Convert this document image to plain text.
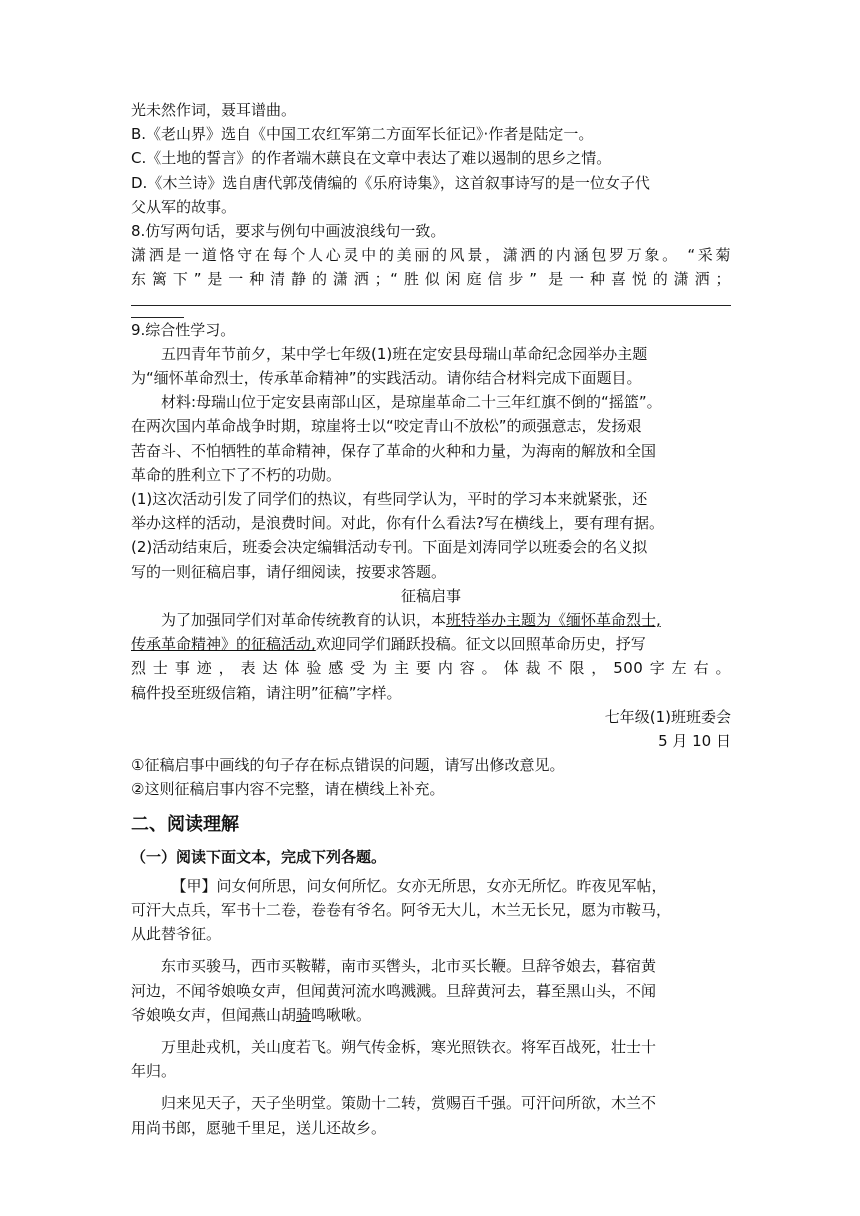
光未然作词，聂耳谱曲。

B.《老山界》选自《中国工农红军第二方面军长征记》·作者是陆定一。

C.《土地的誓言》的作者端木蕻良在文章中表达了难以遏制的思乡之情。

D.《木兰诗》选自唐代郭茂倩编的《乐府诗集》，这首叙事诗写的是一位女子代

父从军的故事。

8.仿写两句话，要求与例句中画波浪线句一致。

潇洒是一道恪守在每个人心灵中的美丽的风景，潇洒的内涵包罗万象。 “采菊

东篱下”是一种清静的潇洒；“胜似闲庭信步” 是一种喜悦的潇洒；

9.综合性学习。

五四青年节前夕，某中学七年级(1)班在定安县母瑞山革命纪念园举办主题

为“缅怀革命烈士，传承革命精神”的实践活动。请你结合材料完成下面题目。

材料:母瑞山位于定安县南部山区，是琼崖革命二十三年红旗不倒的“摇篮”。

在两次国内革命战争时期，琼崖将士以“咬定青山不放松”的顽强意志，发扬艰

苦奋斗、不怕牺牲的革命精神，保存了革命的火种和力量，为海南的解放和全国

革命的胜利立下了不朽的功勋。

(1)这次活动引发了同学们的热议，有些同学认为，平时的学习本来就紧张，还

举办这样的活动，是浪费时间。对此，你有什么看法?写在横线上，要有理有据。

(2)活动结束后，班委会决定编辑活动专刊。下面是刘涛同学以班委会的名义拟

写的一则征稿启事，请仔细阅读，按要求答题。

征稿启事

为了加强同学们对革命传统教育的认识，本班特举办主题为《缅怀革命烈士,

传承革命精神》的征稿活动,欢迎同学们踊跃投稿。征文以回照革命历史，抒写

烈士事迹，表达体验感受为主要内容。体裁不限，500字左右。

稿件投至班级信箱，请注明”征稿”字样。

七年级(1)班班委会

5 月 10 日

①征稿启事中画线的句子存在标点错误的问题，请写出修改意见。

②这则征稿启事内容不完整，请在横线上补充。

二、阅读理解
（一）阅读下面文本，完成下列各题。

【甲】问女何所思，问女何所忆。女亦无所思，女亦无所忆。昨夜见军帖，

可汗大点兵，军书十二卷，卷卷有爷名。阿爷无大儿，木兰无长兄，愿为市鞍马，

从此替爷征。

东市买骏马，西市买鞍鞯，南市买辔头，北市买长鞭。旦辞爷娘去，暮宿黄

河边，不闻爷娘唤女声，但闻黄河流水鸣溅溅。旦辞黄河去，暮至黑山头，不闻

爷娘唤女声，但闻燕山胡骑鸣啾啾。

万里赴戎机，关山度若飞。朔气传金柝，寒光照铁衣。将军百战死，壮士十

年归。

归来见天子，天子坐明堂。策勋十二转，赏赐百千强。可汗问所欲，木兰不

用尚书郎，愿驰千里足，送儿还故乡。
